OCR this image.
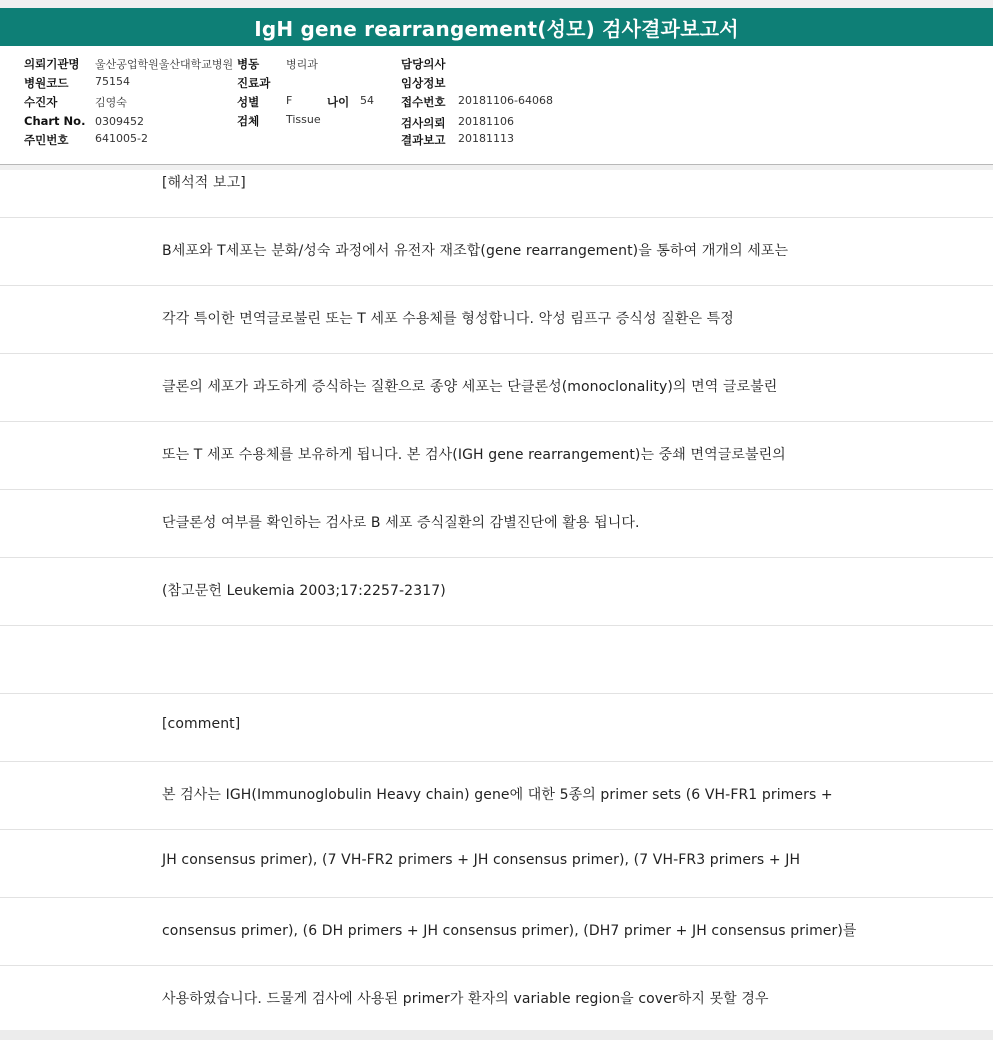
IgH gene rearrangement(성모) 검사결과보고서
의뢰기관명 울산공업학원울산대학교병원 병동 병리과	담당의사
병원코드 75154	진료과	임상정보
수진자	김영숙	성별 F	나이 54 접수번호 20181106-64068
Chart No. 0309452	검체 Tissue	검사의뢰 20181106
주민번호 641005-2	결과보고 20181113
[해석적 보고]
B세포와 T세포는 분화/성숙 과정에서 유전자 재조합(gene rearrangement)을 통하여 개개의 세포는
각각 특이한 면역글로불린 또는 T 세포 수용체를 형성합니다. 악성 림프구 증식성 질환은 특정
클론의 세포가 과도하게 증식하는 질환으로 종양 세포는 단클론성(monoclonality)의 면역 글로불린
또는 T 세포 수용체를 보유하게 됩니다. 본 검사(IGH gene rearrangement)는 중쇄 면역글로불린의
단클론성 여부를 확인하는 검사로 B 세포 증식질환의 감별진단에 활용 됩니다.
(참고문헌 Leukemia 2003;17:2257-2317)
[comment]
본 검사는 IGH(Immunoglobulin Heavy chain) gene에 대한 5종의 primer sets (6 VH-FR1 primers +
JH consensus primer), (7 VH-FR2 primers + JH consensus primer), (7 VH-FR3 primers + JH
consensus primer), (6 DH primers + JH consensus primer), (DH7 primer + JH consensus primer)를
사용하였습니다. 드물게 검사에 사용된 primer가 환자의 variable region을 cover하지 못할 경우
